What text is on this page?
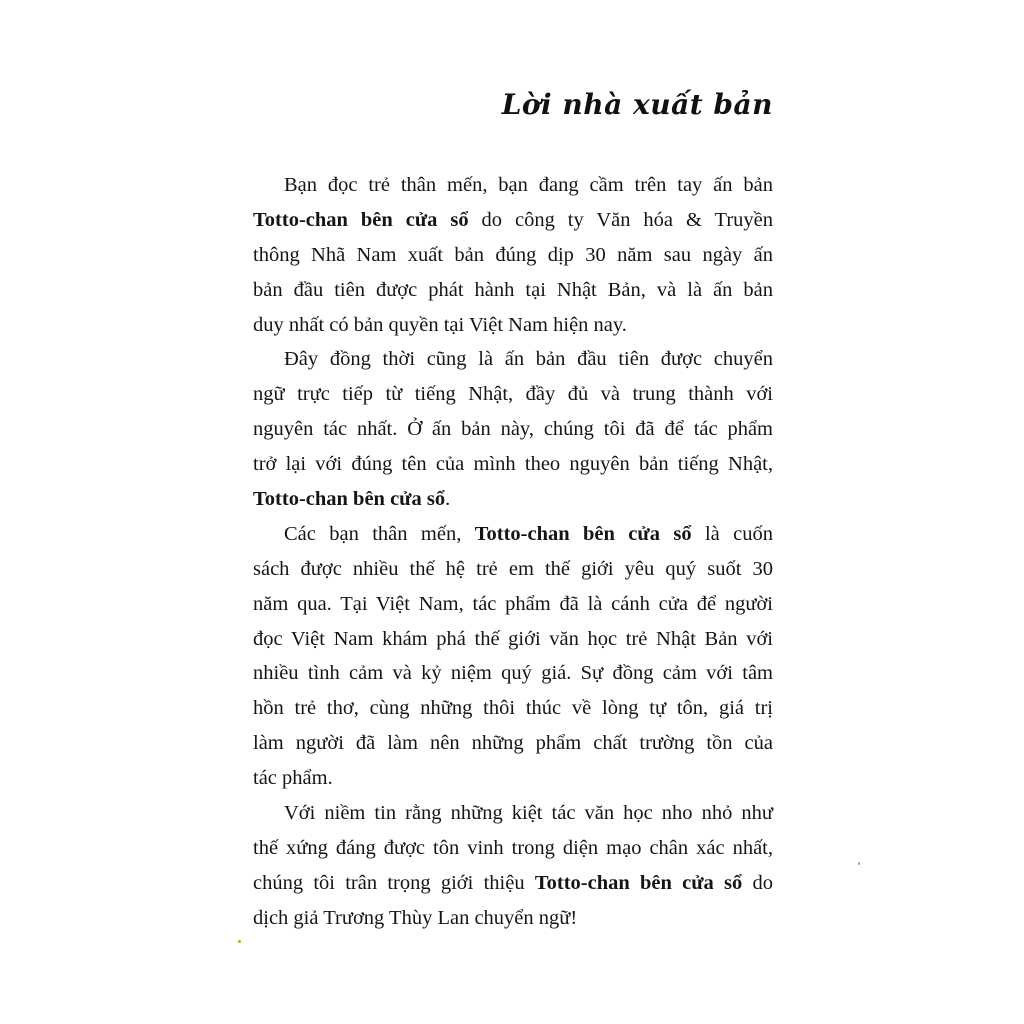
Lời nhà xuất bản
Bạn đọc trẻ thân mến, bạn đang cầm trên tay ấn bản
Totto-chan bên cửa sổ do công ty Văn hóa & Truyền
thông Nhã Nam xuất bản đúng dịp 30 năm sau ngày ấn
bản đầu tiên được phát hành tại Nhật Bản, và là ấn bản
duy nhất có bản quyền tại Việt Nam hiện nay.
Đây đồng thời cũng là ấn bản đầu tiên được chuyển
ngữ trực tiếp từ tiếng Nhật, đầy đủ và trung thành với
nguyên tác nhất. Ở ấn bản này, chúng tôi đã để tác phẩm
trở lại với đúng tên của mình theo nguyên bản tiếng Nhật,
Totto-chan bên cửa sổ.
Các bạn thân mến, Totto-chan bên cửa sổ là cuốn
sách được nhiều thế hệ trẻ em thế giới yêu quý suốt 30
năm qua. Tại Việt Nam, tác phẩm đã là cánh cửa để người
đọc Việt Nam khám phá thế giới văn học trẻ Nhật Bản với
nhiều tình cảm và kỷ niệm quý giá. Sự đồng cảm với tâm
hồn trẻ thơ, cùng những thôi thúc về lòng tự tôn, giá trị
làm người đã làm nên những phẩm chất trường tồn của
tác phẩm.
Với niềm tin rằng những kiệt tác văn học nho nhỏ như
thế xứng đáng được tôn vinh trong diện mạo chân xác nhất,
chúng tôi trân trọng giới thiệu Totto-chan bên cửa sổ do
dịch giả Trương Thùy Lan chuyển ngữ!
